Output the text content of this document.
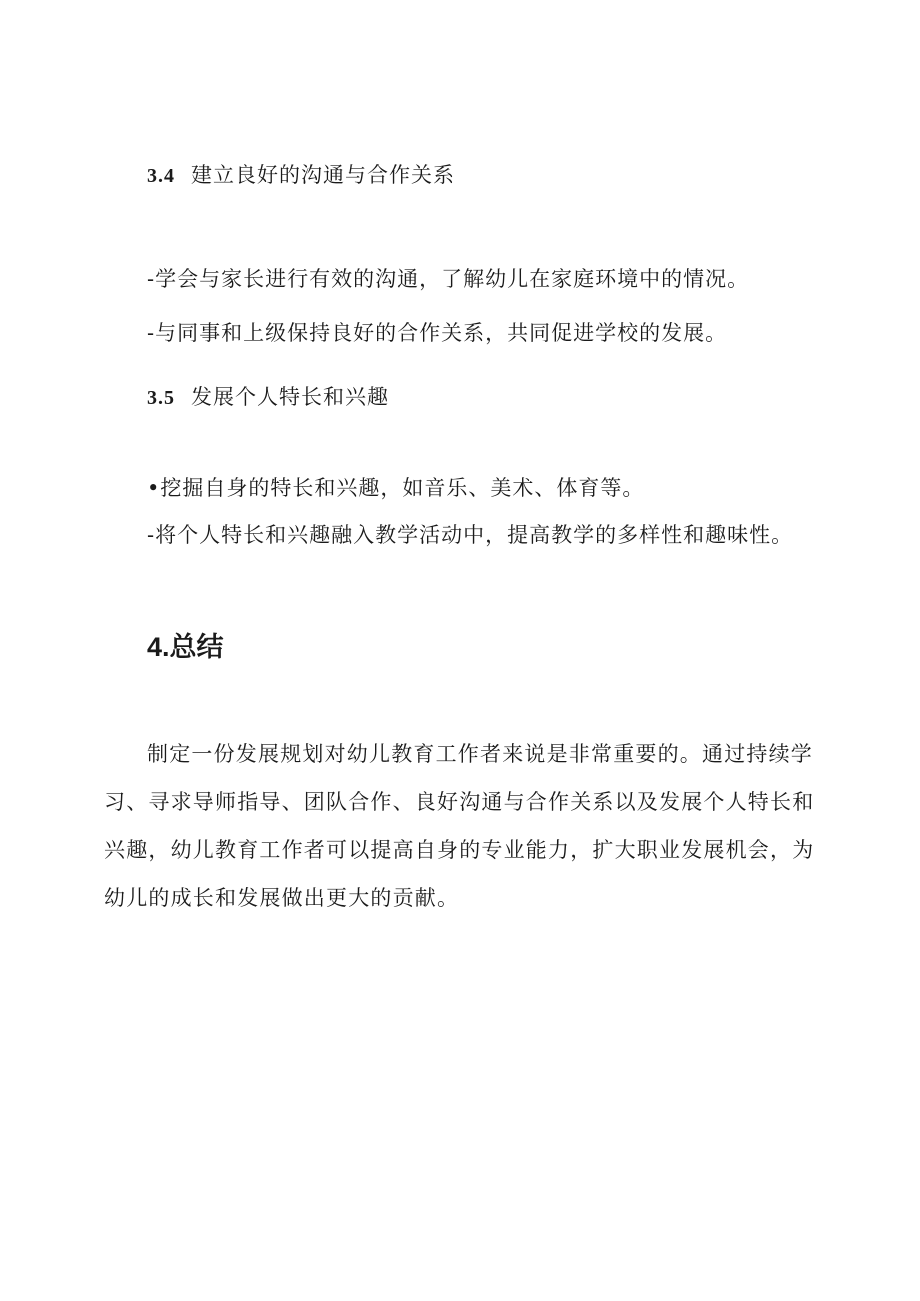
3.4 建立良好的沟通与合作关系
-学会与家长进行有效的沟通，了解幼儿在家庭环境中的情况。
-与同事和上级保持良好的合作关系，共同促进学校的发展。
3.5 发展个人特长和兴趣
•挖掘自身的特长和兴趣，如音乐、美术、体育等。
-将个人特长和兴趣融入教学活动中，提高教学的多样性和趣味性。
4.总结
制定一份发展规划对幼儿教育工作者来说是非常重要的。通过持续学习、寻求导师指导、团队合作、良好沟通与合作关系以及发展个人特长和兴趣，幼儿教育工作者可以提高自身的专业能力，扩大职业发展机会，为幼儿的成长和发展做出更大的贡献。
